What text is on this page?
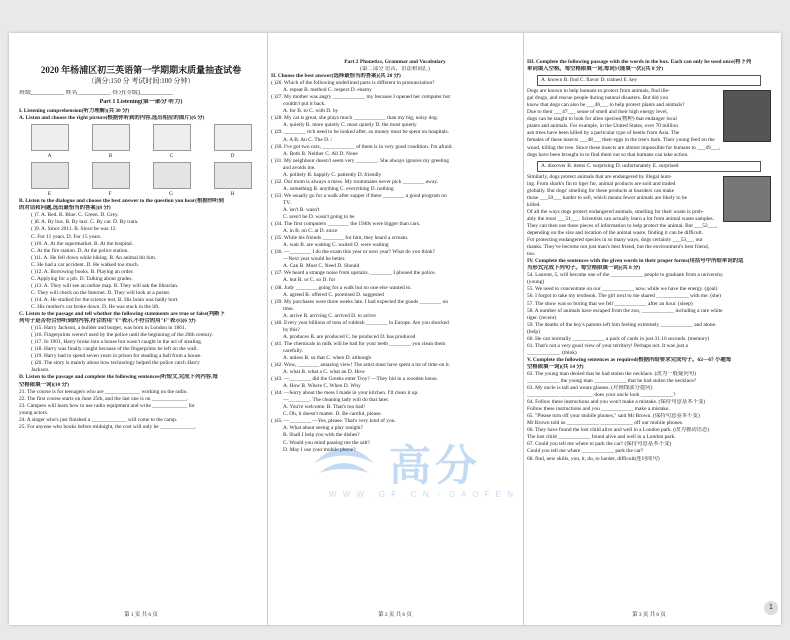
2020 年杨浦区初三英语第一学期期末质量抽查试卷
（满分:150 分 考试时间:100 分钟）
班级___________ 姓名___________ 得分(等级)___________
Part 1 Listening(第一部分 听力)
I. Listening comprehension(听力理解)(共 30 分)
A. Listen and choose the right picture(根据你听到的内容,选出相应的图片)(6 分)
A	B	C	D
E	F	G	H
B. Listen to the dialogue and choose the best answer to the question you hear(根据你听到
的对话和问题,选出最恰当的答案)(8 分)
( )7. A. Red. B. Blue. C. Green. D. Grey.
( )8. A. By bus. B. By taxi. C. By car. D. By train.
( )9. A. Since 2011. B. Since he was 12.
C. For 11 years. D. For 15 years.
( )10. A. At the supermarket. B. At the hospital.
C. At the fire station. D. At the police station.
( )11. A. He fell down while hiking. B. An animal bit him.
C. He had a car accident. D. He walked too much.
( )12. A. Borrowing books. B. Playing an order.
C. Applying for a job. D. Talking about grades.
( )13. A. They will see an online map. B. They will ask the librarian.
C. They will check on the Internet. D. They will look at a poster.
( )14. A. He studied for the science test. B. His brain was badly hurt.
C. His mother's car broke down. D. He was stuck in the lift.
C. Listen to the passage and tell whether the following statements are true or false(判断下
列句子是否符合你听到的内容,符合的用"T"表示,不符合的用"F"表示)(6 分)
( )15. Harry Jackson, a builder and burger, was born in London in 1861.
( )16. Fingerprints weren't used by the police until the beginning of the 20th century.
( )17. In 1901, Harry broke into a house but wasn't caught in the act of stealing.
( )18. Harry was finally caught because of the fingerprints he left on the wall.
( )19. Harry had to spend seven years in prison for stealing a ball from a house.
( )20. The story is mainly about how technology helped the police catch Harry
Jackson.
D. Listen to the passage and complete the following sentences(听短文,完成下列内容,每
空格限填一词)(10 分)
21. The course is for teenagers who are _____________ working on the radio.
22. The first course starts on June 25th, and the last one is on _____________.
23. Campers will learn how to use radio equipment and write _____________ for
young actors.
24. A singer who's just finished a _____________ will come to the camp.
25. For anyone who books before midnight, the cost will only be _____________.
第 1 页 共 6 页
Part 2 Phonetics, Grammar and Vocabulary
(第二部分 语音、语法和词汇)
II. Choose the best answer(选择最恰当的答案)(共 20 分)
( )26. Which of the following underlined parts is different in pronunciation?
A. repeat B. method C. respect D. enemy
( )27. My mother was angry ____________ my because I opened her computer but
couldn't put it back.
A. for B. to C. with D. by
( )28. My cat is great, she plays much ____________ than my big, noisy dog.
A. quietly B. more quietly C. most quietly D. the most quietly
( )29. ________ rich need to be looked after, so money must be spent on hospitals.
A. A B. An C. The D. /
( )30. I've got two cars, ____________ of them is in very good condition. I'm afraid.
A. Both B. Neither C. All D. None
( )31. My neighbour doesn't seem very ________. She always ignores my greeting
and avoids me.
A. politely B. happily C. patiently D. friendly
( )32. Our mom is always a mess. My roommates never pick ________ away.
A. something B. anything C. everything D. nothing
( )33. We usually go for a walk after supper if there ________ a good program on
TV.
A. isn't B. wasn't
C. aren't be D. wasn't going to be
( )34. The first computers ________ the 1940s were bigger than cars.
A. in B. on C. at D. since
( )35. While his friends ________ for him, they heard a scream.
A. wait B. are waiting C. waited D. were waiting
( )36. —________ I do the exam this year or next year? What do you think?
—Next year would be better.
A. Can B. Must C. Need D. Should
( )37. We heard a strange noise from upstairs. ________ I phoned the police.
A. but B. or C. so D. for
( )38. Judy ________ going for a walk but no one else wanted to.
A. agreed B. offered C. promised D. suggested
( )39. My purchases were three weeks late. I had expected the goods ________ on
time.
A. arrive B. arriving C. arrived D. to arrive
( )40. Every year billions of tons of rubbish ________ in Europe. Are you shocked
by this?
A. produces B. are produced C. be produced D. has produced
( )41. The chemicals in milk will be bad for your teeth ________ you clean them
carefully.
A. unless B. so that C. when D. although
( )42. Wow, ________ amazing view! The artist must have spent a lot of time on it.
A. what B. what a C. what an D. How
( )43. —________ did the Greeks enter Troy? —They hid in a wooden horse.
A. How B. Where C. When D. Why
( )44. —Sorry about the mess I made in your kitchen. I'll clean it up.
—________. The cleaning lady will do that later.
A. You're welcome. B. That's too bad!
C. Oh, it doesn't matter. D. Be careful, please.
( )45. —________ —Yes, please. That's very kind of you.
A. What about seeing a play tonight?
B. Shall I help you with the dishes?
C. Would you mind passing me the salt?
D. May I use your mobile phone?
第 2 页 共 6 页
III. Complete the following passage with the words in the box. Each can only be used once(将下列
单词填入空格。每空格限填一词,每词只能填一次)(共 8 分)
A. known B. find C. flavor D. trained E. key
Dogs are known to help humans to protect from animals, find ille-
gal drugs, and rescue people during natural disasters. But did you
know that dogs can also be ___46___ to help protect plants and animals?
Due to their ___47___ sense of smell and their high energy level,
dogs can be taught to look for alien species(物种) that endanger local
plants and animals. For example, in the United States, over 70 million
ash trees have been killed by a particular type of beetle from Asia. The
females of these insects ___48___ their eggs in the tree's bark. Their young feed on the
wood, killing the tree. Since these insects are almost impossible for humans to ___49___,
dogs have been brought in to find them out so that humans can take action.
A. discover B. items C. surprising D. unfortunately E. surprised
Similarly, dogs protect animals that are endangered by illegal hunt-
ing. From shark's fin to tiger fur, animal products are sold and traded
globally. But dogs' smelling for these products at boarders can make
those ___50___ harder to sell, which means fewer animals are likely to be
killed.
Of all the ways dogs protect endangered animals, smelling for their waste is prob-
ably the most ___51___. Scientists can actually learn a lot from animal waste samples.
They can then use these pieces of information to help protect the animal. But ___52___,
depending on the size and location of the animal waste, finding it can be difficult.
For protecting endangered species in so many ways, dogs certainly ___53___ our
thanks. They've become not just man's best friend, but the environment's best friend,
too.
IV. Complete the sentences with the given words in their proper forms(用括号中所给单词的适
当形式完成下列句子。每空格限填一词)(共 8 分)
54. Laurent, 5, will become one of the ____________ people to graduate from a university.
(young)
55. We need to concentrate on our ____________ now, while we have the energy. (goal)
56. I forgot to take my textbook. The girl next to me shared ____________ with me. (she)
57. The show was so boring that we fell ____________ after an hour. (sleep)
58. A number of animals have escaped from the zoo, ____________ including a rare white
tiger. (recent)
59. The deaths of the boy's parents left him feeling extremely ____________ and alone.
(help)
60. He can normally ____________ a pack of cards in just 31.16 seconds. (memory)
61. That's not a very good view of your territory! Perhaps not. It was just a
____________. (think)
V. Complete the following sentences as required(根据所给要求完成句子。62—67 小题每
空格限填一词)(共 14 分)
62. The young man denied that he had stolen the necklace. (改为一般疑问句)
____________ the young man ____________ that he had stolen the necklace?
63. My uncle is tall and wears glasses. (对画线部分提问)
____________ ____________ does your uncle look ____________?
64. Follow these instructions and you won't make a mistake. (保持句意基本不变)
Follow these instructions and you ____________ make a mistake.
65. "Please turn off your mobile phones," said Mr Brown. (保持句意基本不变)
Mr Brown told us ____________ ____________ off our mobile phones.
66. They have found the lost child alive and well in a London park. (改为被动语态)
The lost child ____________ found alive and well in a London park.
67. Could you tell me where to park the car? (保持句意基本不变)
Could you tell me where ____________ park the car?
68. find, new skills, you, it, do, to harder, difficult(连词成句)
第 3 页 共 6 页
高分
W W W . G F . C N ・ G A O F E N
1
